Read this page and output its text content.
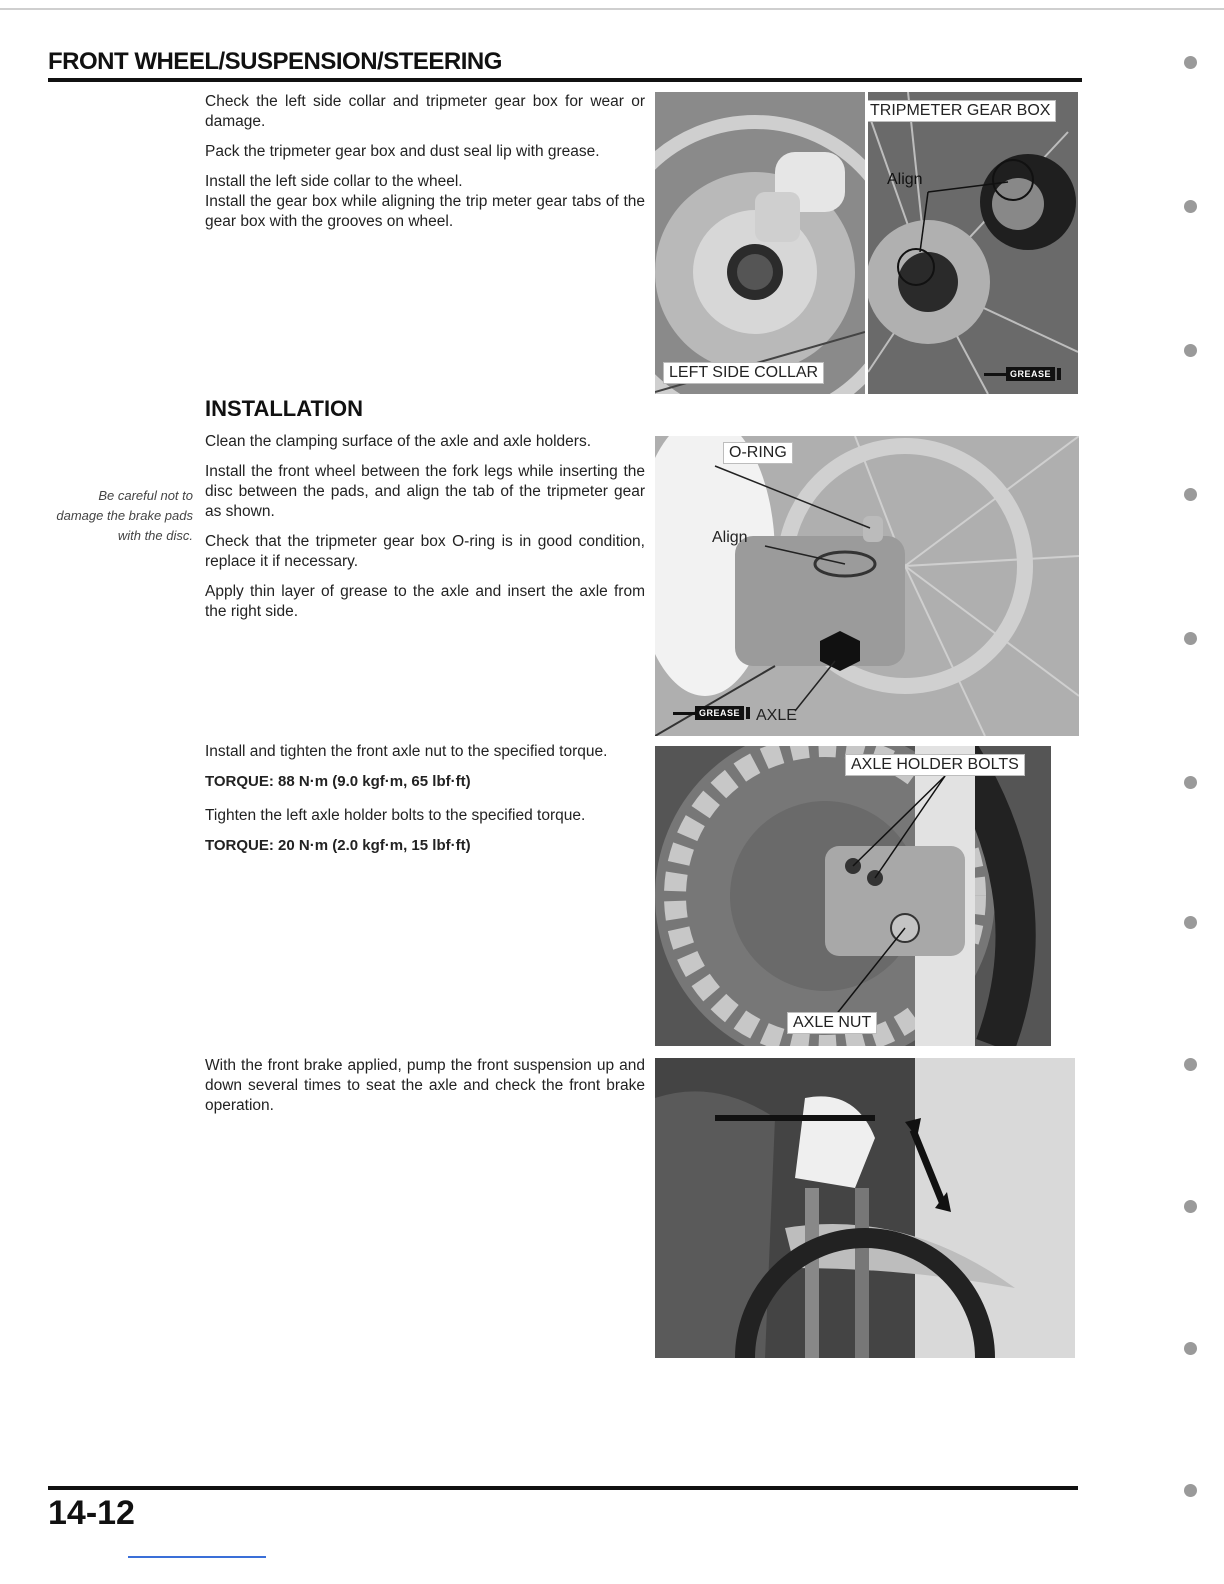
FRONT WHEEL/SUSPENSION/STEERING

Check the left side collar and tripmeter gear box for wear or damage.

Pack the tripmeter gear box and dust seal lip with grease.

Install the left side collar to the wheel.

Install the gear box while aligning the trip meter gear tabs of the gear box with the grooves on wheel.

INSTALLATION
Be careful not to damage the brake pads with the disc.

Clean the clamping surface of the axle and axle holders.

Install the front wheel between the fork legs while inserting the disc between the pads, and align the tab of the tripmeter gear as shown.

Check that the tripmeter gear box O-ring is in good condition, replace it if necessary.

Apply thin layer of grease to the axle and insert the axle from the right side.

Install and tighten the front axle nut to the specified torque.

TORQUE: 88 N·m (9.0 kgf·m, 65 lbf·ft)

Tighten the left axle holder bolts to the specified torque.

TORQUE: 20 N·m (2.0 kgf·m, 15 lbf·ft)

With the front brake applied, pump the front suspension up and down several times to seat the axle and check the front brake operation.

LEFT SIDE COLLAR
TRIPMETER GEAR BOX
Align
GREASE
O-RING
Align
GREASE AXLE
AXLE HOLDER BOLTS
AXLE NUT
14-12
